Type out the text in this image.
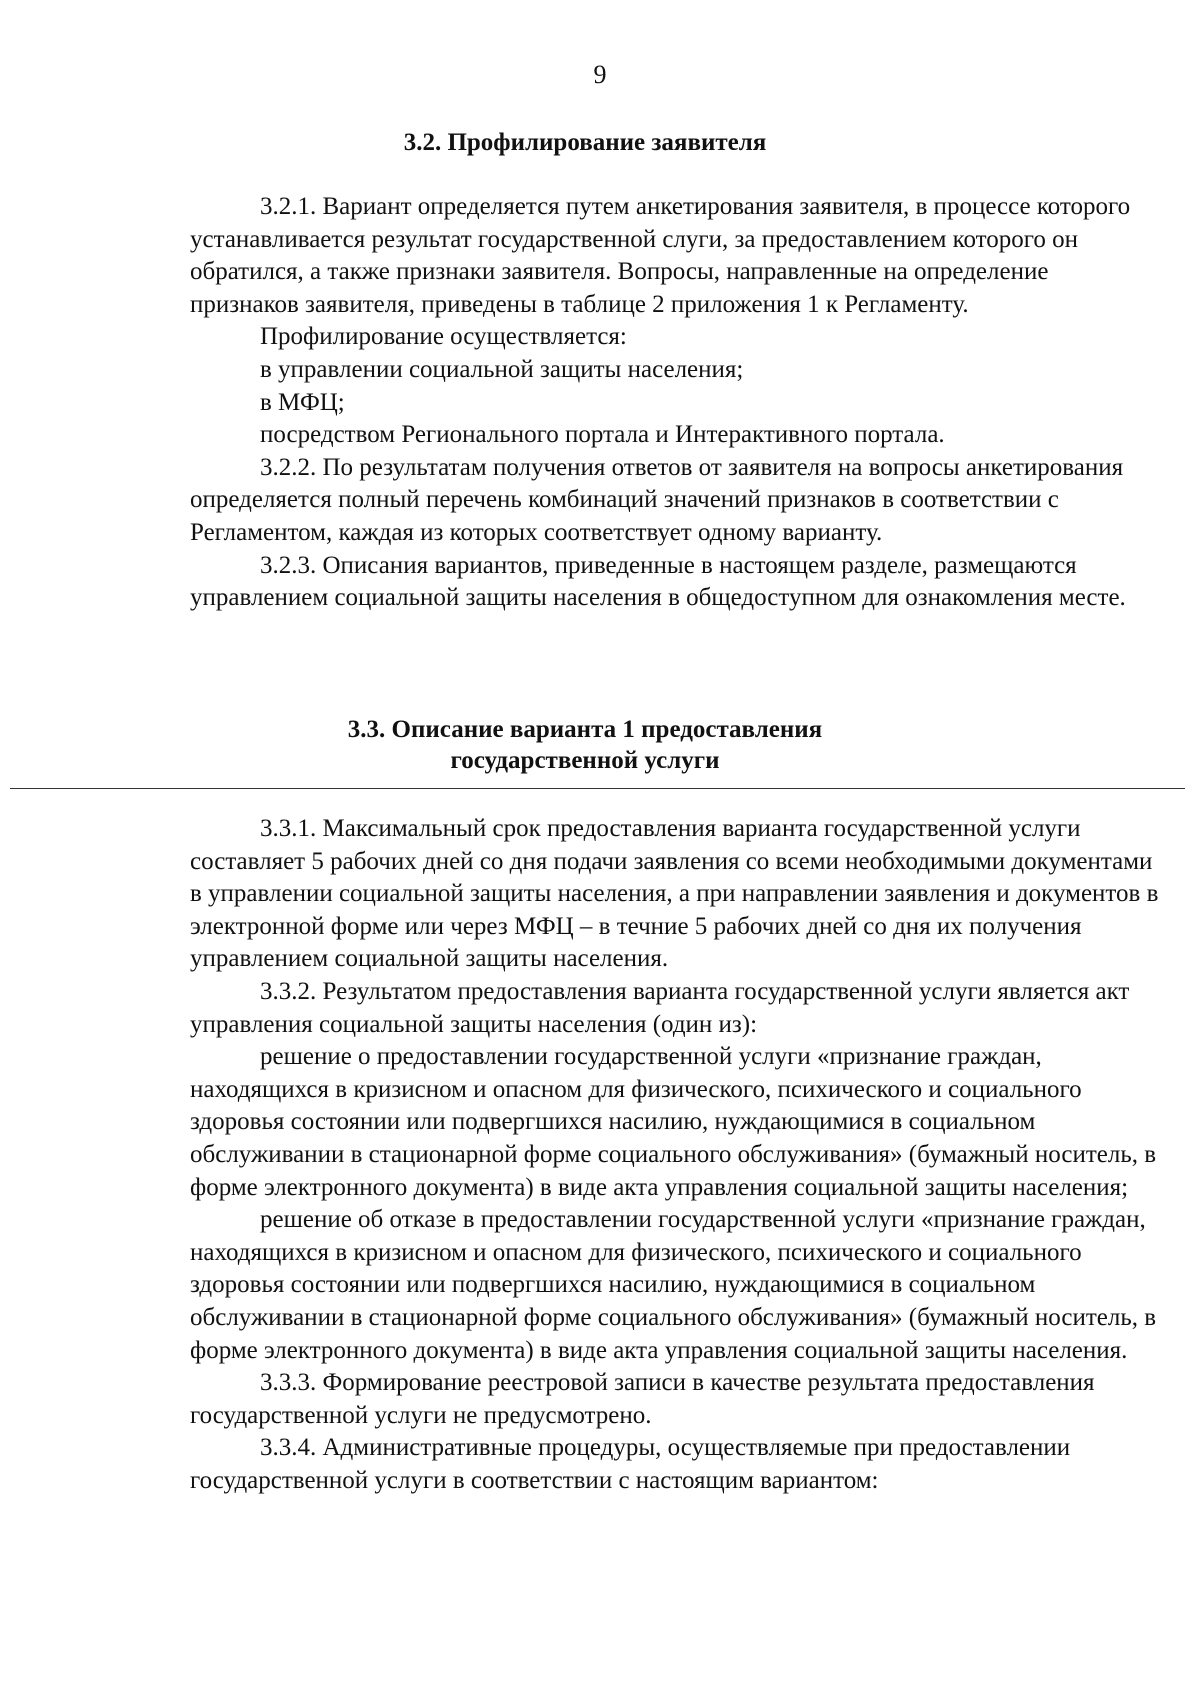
9
3.2. Профилирование заявителя

3.2.1. Вариант определяется путем анкетирования заявителя, в процессе которого устанавливается результат государственной слуги, за предоставлением которого он обратился, а также признаки заявителя. Вопросы, направленные на определение признаков заявителя, приведены в таблице 2 приложения 1 к Регламенту.

Профилирование осуществляется:

в управлении социальной защиты населения;

в МФЦ;

посредством Регионального портала и Интерактивного портала.

3.2.2. По результатам получения ответов от заявителя на вопросы анкетирования определяется полный перечень комбинаций значений признаков в соответствии с Регламентом, каждая из которых соответствует одному варианту.

3.2.3. Описания вариантов, приведенные в настоящем разделе, размещаются управлением социальной защиты населения в общедоступном для ознакомления месте.

3.3. Описание варианта 1 предоставления
государственной услуги

3.3.1. Максимальный срок предоставления варианта государственной услуги составляет 5 рабочих дней со дня подачи заявления со всеми необходимыми документами в управлении социальной защиты населения, а при направлении заявления и документов в электронной форме или через МФЦ – в течние 5 рабочих дней со дня их получения управлением социальной защиты населения.

3.3.2. Результатом предоставления варианта государственной услуги является акт управления социальной защиты населения (один из):

решение о предоставлении государственной услуги «признание граждан, находящихся в кризисном и опасном для физического, психического и социального здоровья состоянии или подвергшихся насилию, нуждающимися в социальном обслуживании в стационарной форме социального обслуживания» (бумажный носитель, в форме электронного документа) в виде акта управления социальной защиты населения;

решение об отказе в предоставлении государственной услуги «признание граждан, находящихся в кризисном и опасном для физического, психического и социального здоровья состоянии или подвергшихся насилию, нуждающимися в социальном обслуживании в стационарной форме социального обслуживания» (бумажный носитель, в форме электронного документа) в виде акта управления социальной защиты населения.

3.3.3. Формирование реестровой записи в качестве результата предоставления государственной услуги не предусмотрено.

3.3.4. Административные процедуры, осуществляемые при предоставлении государственной услуги в соответствии с настоящим вариантом:
